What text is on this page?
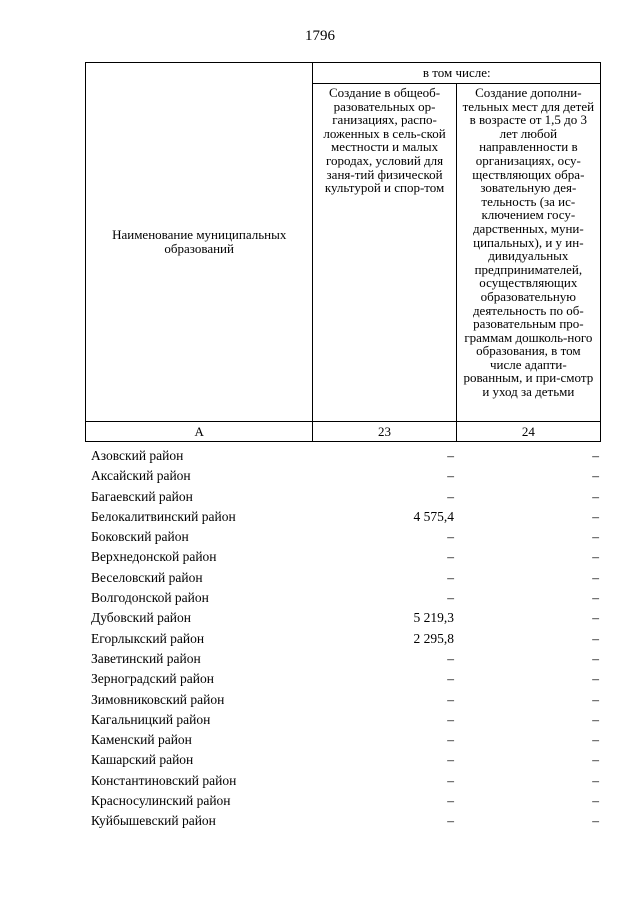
1796
Наименование муниципальных образований	в том числе:	

	Создание в общеоб-разовательных ор-ганизациях, распо-ложенных в сель-ской местности и малых городах, условий для заня-тий физической культурой и спор-том	Создание дополни-тельных мест для детей в возрасте от 1,5 до 3 лет любой направленности в организациях, осу-ществляющих обра-зовательную дея-тельность (за ис-ключением госу-дарственных, муни-ципальных), и у ин-дивидуальных предпринимателей, осуществляющих образовательную деятельность по об-разовательным про-граммам дошколь-ного образования, в том числе адапти-рованным, и при-смотр и уход за детьми

А	23	24
Азовский район	–	–
Аксайский район	–	–
Багаевский район	–	–
Белокалитвинский район	4 575,4	–
Боковский район	–	–
Верхнедонской район	–	–
Веселовский район	–	–
Волгодонской район	–	–
Дубовский район	5 219,3	–
Егорлыкский район	2 295,8	–
Заветинский район	–	–
Зерноградский район	–	–
Зимовниковский район	–	–
Кагальницкий район	–	–
Каменский район	–	–
Кашарский район	–	–
Константиновский район	–	–
Красносулинский район	–	–
Куйбышевский район	–	–
